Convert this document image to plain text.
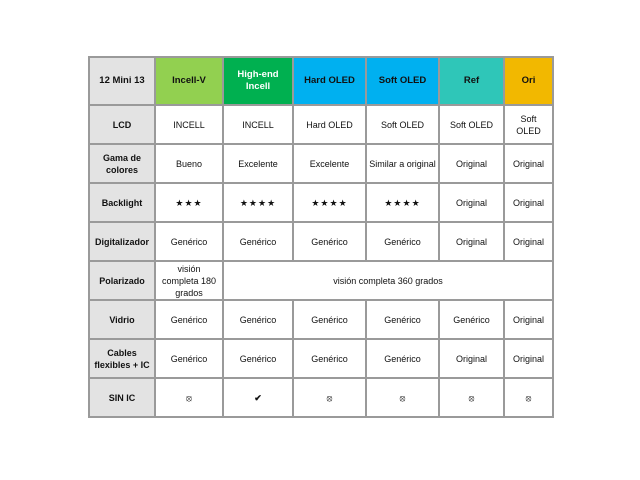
12 Mini 13	Incell-V	High-end Incell	Hard OLED	Soft OLED	Ref	Ori
LCD	INCELL	INCELL	Hard OLED	Soft OLED	Soft OLED	Soft OLED
Gama de colores	Bueno	Excelente	Excelente	Similar a original	Original	Original
Backlight	★★★	★★★★	★★★★	★★★★	Original	Original
Digitalizador	Genérico	Genérico	Genérico	Genérico	Original	Original
Polarizado	visión completa 180 grados	visión completa 360 grados				
Vidrio	Genérico	Genérico	Genérico	Genérico	Genérico	Original
Cables flexibles + IC	Genérico	Genérico	Genérico	Genérico	Original	Original
SIN IC	⦻	✔	⦻	⦻	⦻	⦻
